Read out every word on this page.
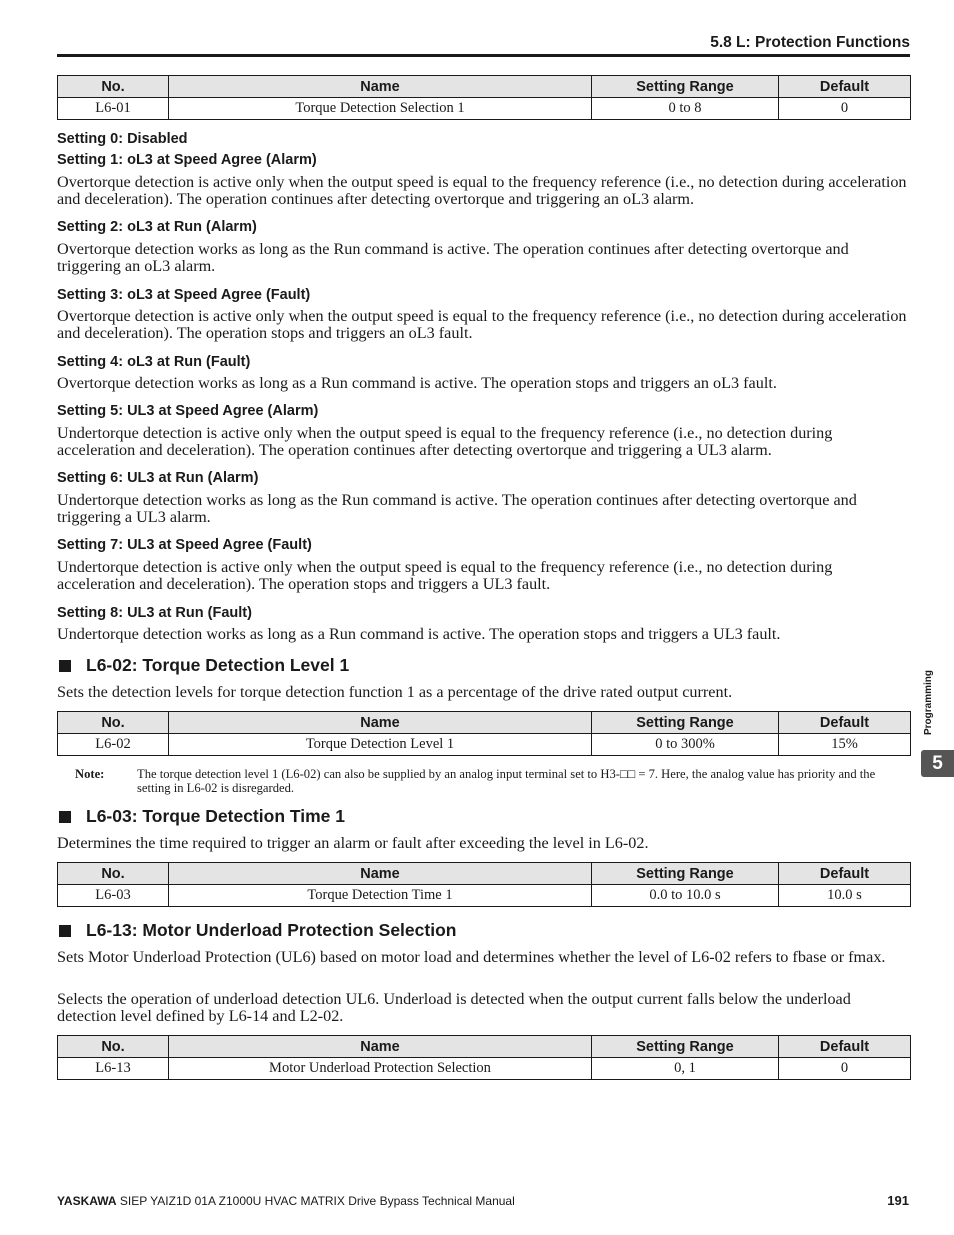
5.8 L: Protection Functions
No.	Name	Setting Range	Default
L6-01	Torque Detection Selection 1	0 to 8	0
Setting 0: Disabled
Setting 1: oL3 at Speed Agree (Alarm)
Overtorque detection is active only when the output speed is equal to the frequency reference (i.e., no detection during acceleration and deceleration). The operation continues after detecting overtorque and triggering an oL3 alarm.
Setting 2: oL3 at Run (Alarm)
Overtorque detection works as long as the Run command is active. The operation continues after detecting overtorque and triggering an oL3 alarm.
Setting 3: oL3 at Speed Agree (Fault)
Overtorque detection is active only when the output speed is equal to the frequency reference (i.e., no detection during acceleration and deceleration). The operation stops and triggers an oL3 fault.
Setting 4: oL3 at Run (Fault)
Overtorque detection works as long as a Run command is active. The operation stops and triggers an oL3 fault.
Setting 5: UL3 at Speed Agree (Alarm)
Undertorque detection is active only when the output speed is equal to the frequency reference (i.e., no detection during acceleration and deceleration). The operation continues after detecting overtorque and triggering a UL3 alarm.
Setting 6: UL3 at Run (Alarm)
Undertorque detection works as long as the Run command is active. The operation continues after detecting overtorque and triggering a UL3 alarm.
Setting 7: UL3 at Speed Agree (Fault)
Undertorque detection is active only when the output speed is equal to the frequency reference (i.e., no detection during acceleration and deceleration). The operation stops and triggers a UL3 fault.
Setting 8: UL3 at Run (Fault)
Undertorque detection works as long as a Run command is active. The operation stops and triggers a UL3 fault.
L6-02: Torque Detection Level 1
Sets the detection levels for torque detection function 1 as a percentage of the drive rated output current.
No.	Name	Setting Range	Default
L6-02	Torque Detection Level 1	0 to 300%	15%
Note:	The torque detection level 1 (L6-02) can also be supplied by an analog input terminal set to H3-□□ = 7. Here, the analog value has priority and the setting in L6-02 is disregarded.
L6-03: Torque Detection Time 1
Determines the time required to trigger an alarm or fault after exceeding the level in L6-02.
No.	Name	Setting Range	Default
L6-03	Torque Detection Time 1	0.0 to 10.0 s	10.0 s
L6-13: Motor Underload Protection Selection
Sets Motor Underload Protection (UL6) based on motor load and determines whether the level of L6-02 refers to fbase or fmax.
Selects the operation of underload detection UL6. Underload is detected when the output current falls below the underload detection level defined by L6-14 and L2-02.
No.	Name	Setting Range	Default
L6-13	Motor Underload Protection Selection	0, 1	0
Programming
5
YASKAWA SIEP YAIZ1D 01A Z1000U HVAC MATRIX Drive Bypass Technical Manual	191
